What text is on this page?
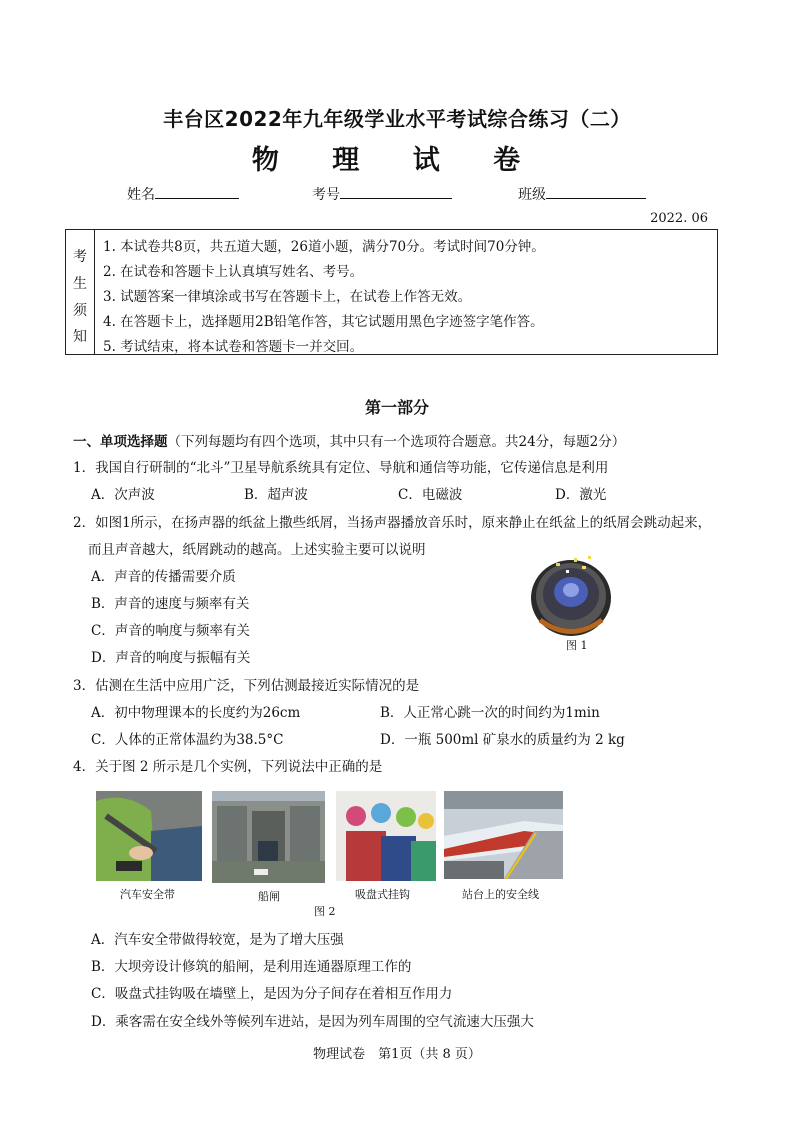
丰台区2022年九年级学业水平考试综合练习（二）
物 理 试 卷
姓名	考号	班级
2022. 06
考
生
须
知
1. 本试卷共8页，共五道大题，26道小题，满分70分。考试时间70分钟。
2. 在试卷和答题卡上认真填写姓名、考号。
3. 试题答案一律填涂或书写在答题卡上，在试卷上作答无效。
4. 在答题卡上，选择题用2B铅笔作答，其它试题用黑色字迹签字笔作答。
5. 考试结束，将本试卷和答题卡一并交回。
第一部分
一、单项选择题（下列每题均有四个选项，其中只有一个选项符合题意。共24分，每题2分）
1．我国自行研制的“北斗”卫星导航系统具有定位、导航和通信等功能，它传递信息是利用
A．次声波	B．超声波	C．电磁波	D．激光
2．如图1所示，在扬声器的纸盆上撒些纸屑，当扬声器播放音乐时，原来静止在纸盆上的纸屑会跳动起来，
而且声音越大，纸屑跳动的越高。上述实验主要可以说明
A．声音的传播需要介质
B．声音的速度与频率有关
C．声音的响度与频率有关
D．声音的响度与振幅有关
图 1
3．估测在生活中应用广泛，下列估测最接近实际情况的是
A．初中物理课本的长度约为26cm	B．人正常心跳一次的时间约为1min
C．人体的正常体温约为38.5°C	D．一瓶 500ml 矿泉水的质量约为 2 kg
4．关于图 2 所示是几个实例，下列说法中正确的是
汽车安全带	船闸	吸盘式挂钩	站台上的安全线
图 2
A．汽车安全带做得较宽，是为了增大压强
B．大坝旁设计修筑的船闸，是利用连通器原理工作的
C．吸盘式挂钩吸在墙壁上，是因为分子间存在着相互作用力
D．乘客需在安全线外等候列车进站，是因为列车周围的空气流速大压强大
物理试卷　第1页（共 8 页）
